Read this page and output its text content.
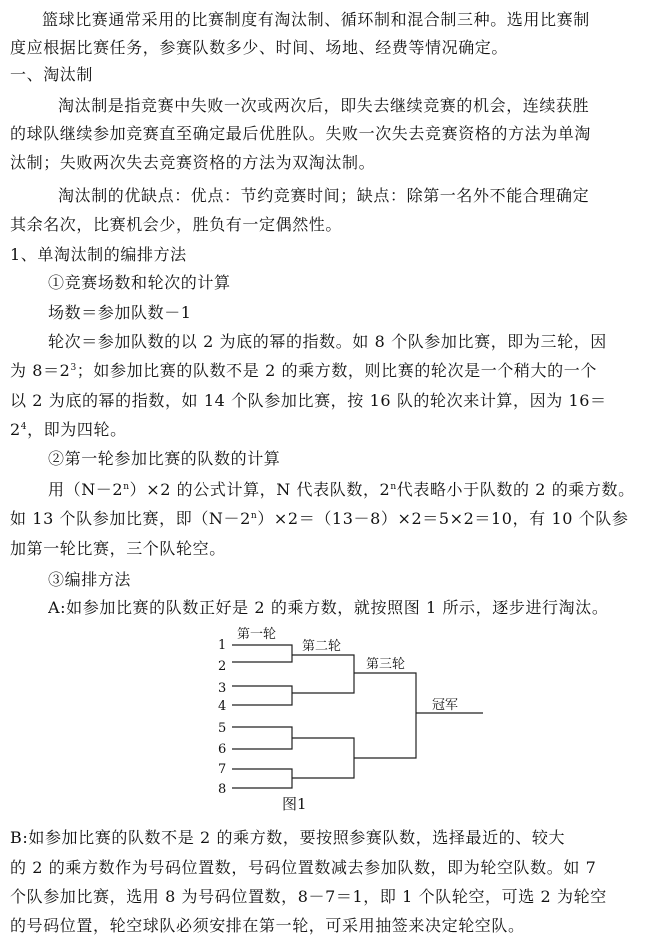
篮球比赛通常采用的比赛制度有淘汰制、循环制和混合制三种。选用比赛制
度应根据比赛任务，参赛队数多少、时间、场地、经费等情况确定。
一、淘汰制
淘汰制是指竞赛中失败一次或两次后，即失去继续竞赛的机会，连续获胜
的球队继续参加竞赛直至确定最后优胜队。失败一次失去竞赛资格的方法为单淘
汰制；失败两次失去竞赛资格的方法为双淘汰制。
淘汰制的优缺点：优点：节约竞赛时间；缺点：除第一名外不能合理确定
其余名次，比赛机会少，胜负有一定偶然性。
1、单淘汰制的编排方法
①竞赛场数和轮次的计算
场数＝参加队数－1
轮次＝参加队数的以 2 为底的幂的指数。如 8 个队参加比赛，即为三轮，因
为 $8=2^3$；如参加比赛的队数不是 2 的乘方数，则比赛的轮次是一个稍大的一个
以 2 为底的幂的指数，如 14 个队参加比赛，按 16 队的轮次来计算，因为 16＝
$2^4$，即为四轮。
②第一轮参加比赛的队数的计算
用$(N-2^n)\times 2$ 的公式计算，N 代表队数，2$^n$代表略小于队数的 2 的乘方数。
如 13 个队参加比赛，即$(N-2^n)\times 2=(13-8)\times 2=5\times 2=10$，有 10 个队参
加第一轮比赛，三个队轮空。
③编排方法
A:如参加比赛的队数正好是 2 的乘方数，就按照图 1 所示，逐步进行淘汰。
第一轮
第二轮
第三轮
冠军
1
2
3
4
5
6
7
8
图1
B:如参加比赛的队数不是 2 的乘方数，要按照参赛队数，选择最近的、较大
的 2 的乘方数作为号码位置数，号码位置数减去参加队数，即为轮空队数。如 7
个队参加比赛，选用 8 为号码位置数，8－7＝1，即 1 个队轮空，可选 2 为轮空
的号码位置，轮空球队必须安排在第一轮，可采用抽签来决定轮空队。
